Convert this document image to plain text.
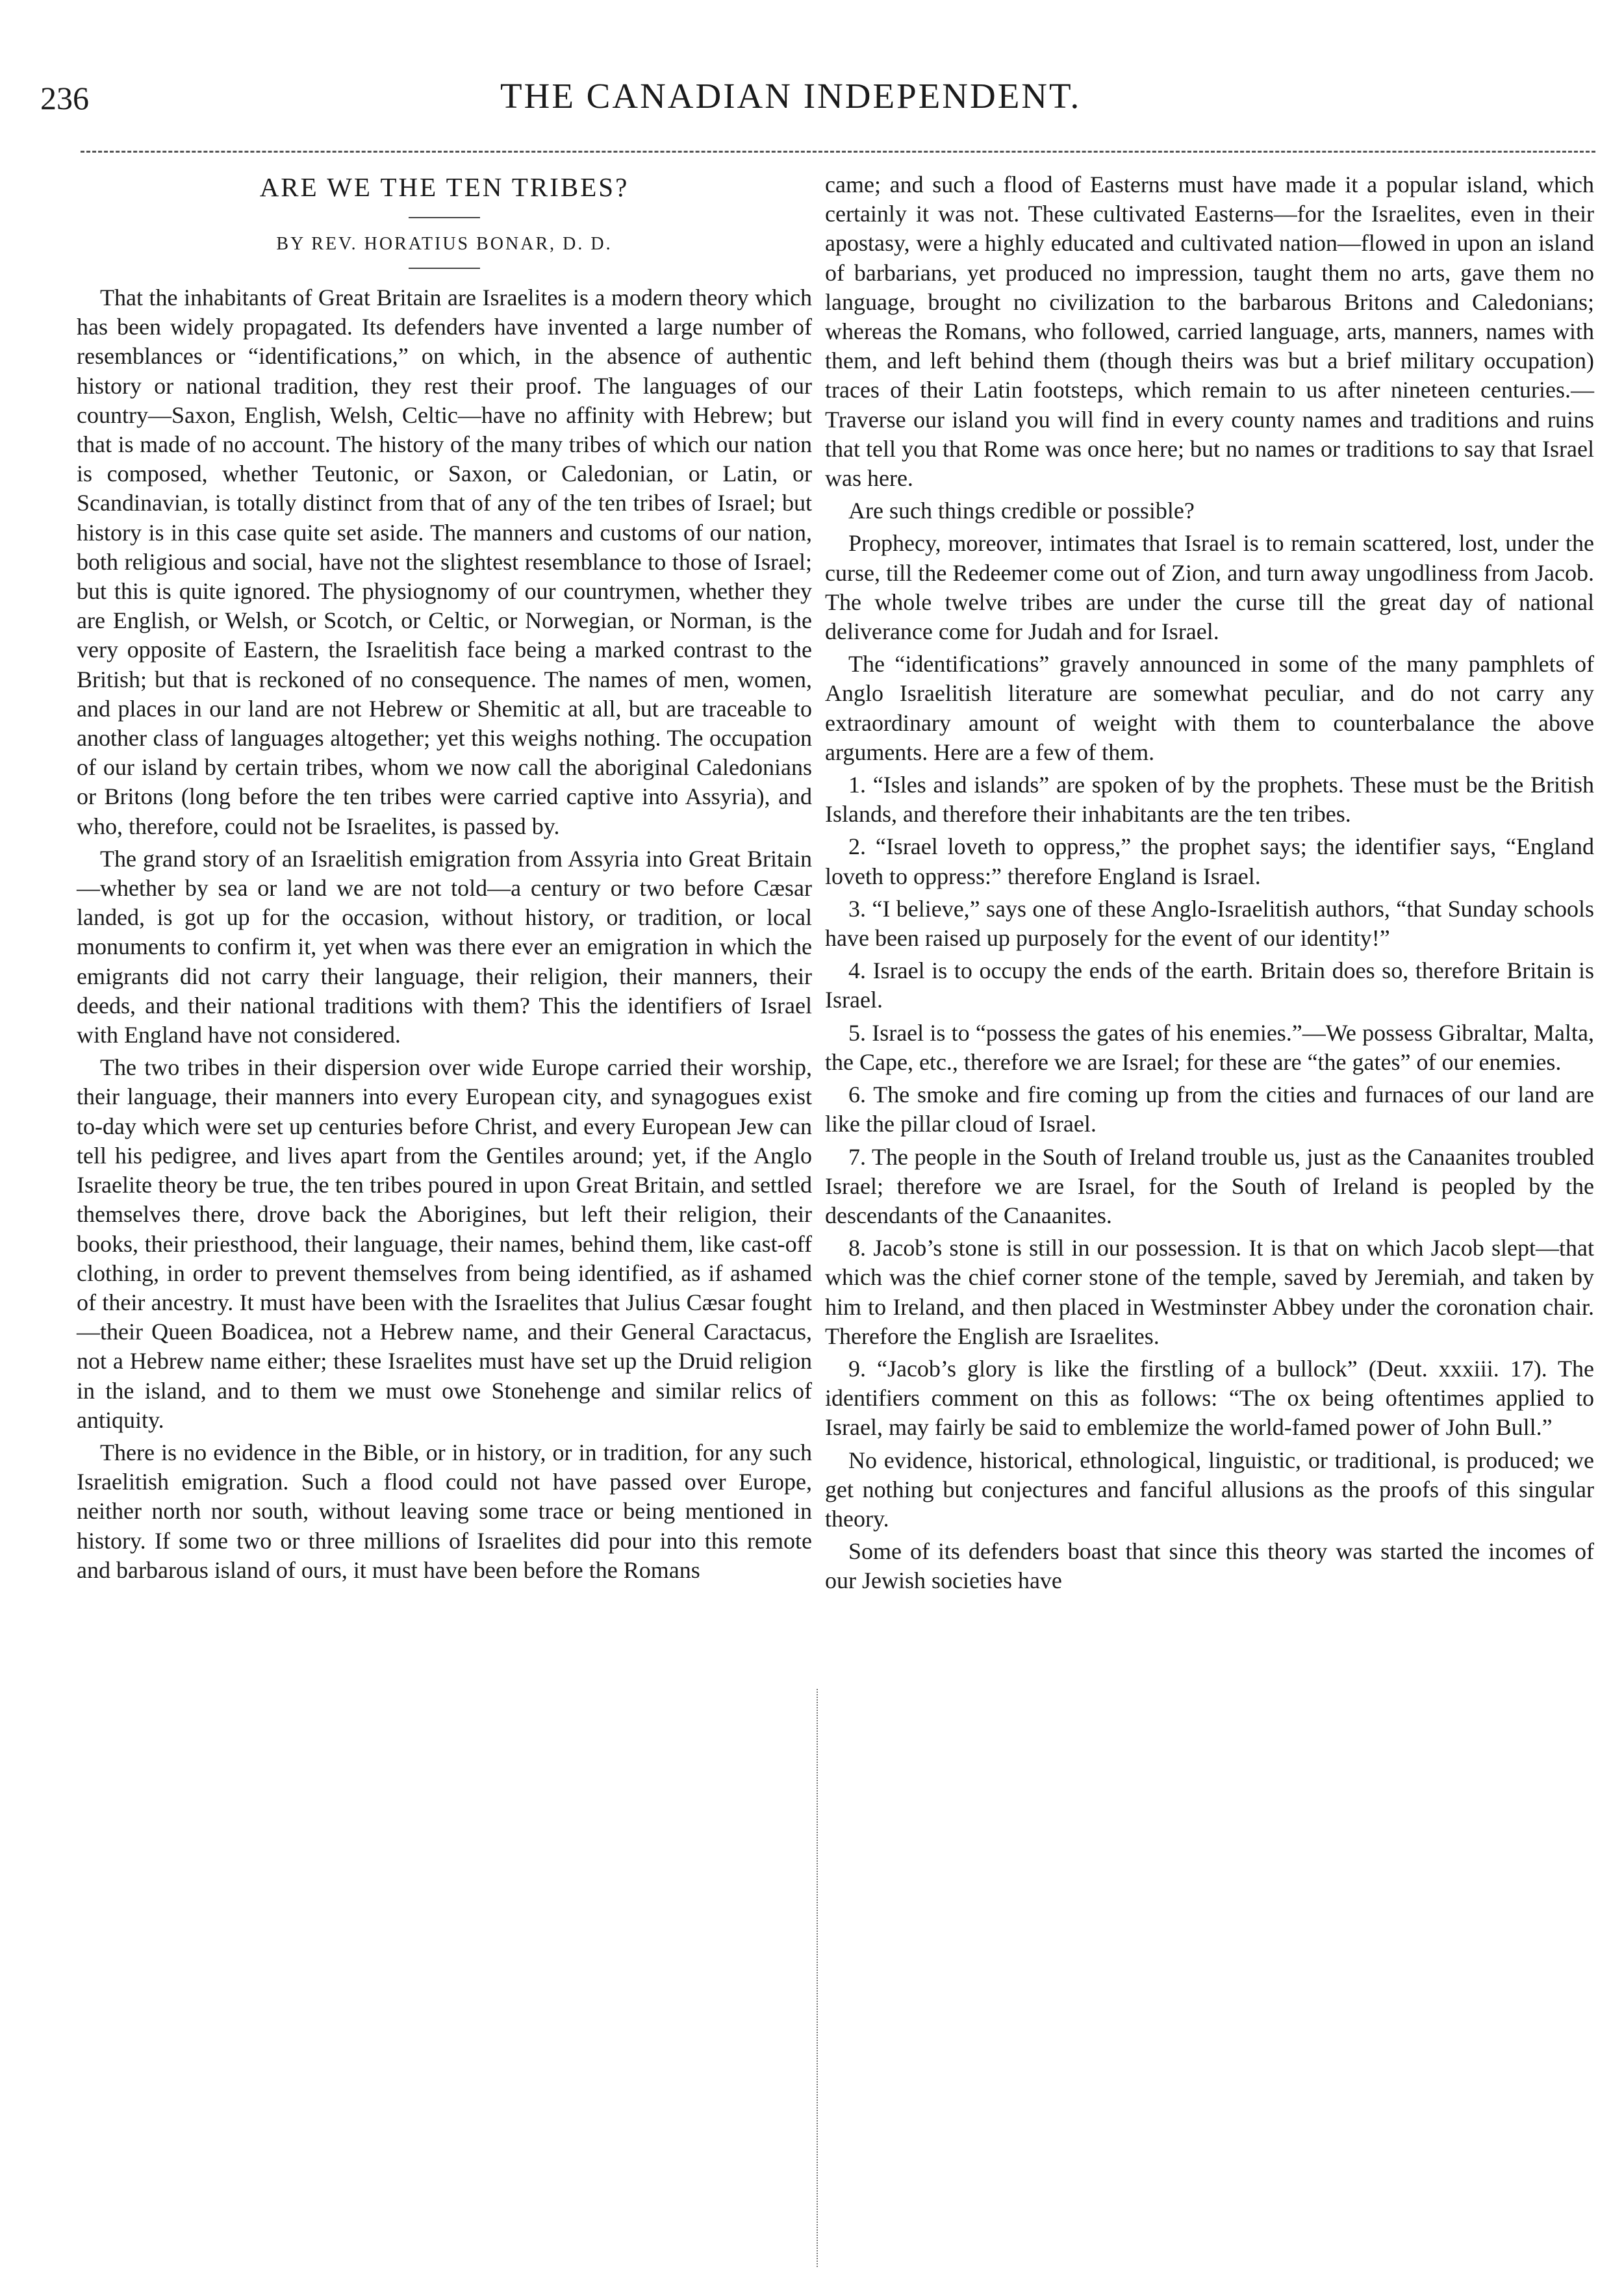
236	THE CANADIAN INDEPENDENT.
ARE WE THE TEN TRIBES?
BY REV. HORATIUS BONAR, D. D.

That the inhabitants of Great Britain are Israelites is a modern theory which has been widely propagated. Its defenders have invented a large number of resemblances or “identifications,” on which, in the absence of authentic history or national tradition, they rest their proof. The languages of our country—Saxon, English, Welsh, Celtic—have no affinity with Hebrew; but that is made of no account. The history of the many tribes of which our nation is composed, whether Teutonic, or Saxon, or Caledonian, or Latin, or Scandinavian, is totally distinct from that of any of the ten tribes of Israel; but history is in this case quite set aside. The manners and customs of our nation, both religious and social, have not the slightest resemblance to those of Israel; but this is quite ignored. The physiognomy of our countrymen, whether they are English, or Welsh, or Scotch, or Celtic, or Norwegian, or Norman, is the very opposite of Eastern, the Israelitish face being a marked contrast to the British; but that is reckoned of no consequence. The names of men, women, and places in our land are not Hebrew or Shemitic at all, but are traceable to another class of languages altogether; yet this weighs nothing. The occupation of our island by certain tribes, whom we now call the aboriginal Caledonians or Britons (long before the ten tribes were carried captive into Assyria), and who, therefore, could not be Israelites, is passed by.

The grand story of an Israelitish emigration from Assyria into Great Britain—whether by sea or land we are not told—a century or two before Cæsar landed, is got up for the occasion, without history, or tradition, or local monuments to confirm it, yet when was there ever an emigration in which the emigrants did not carry their language, their religion, their manners, their deeds, and their national traditions with them? This the identifiers of Israel with England have not considered.

The two tribes in their dispersion over wide Europe carried their worship, their language, their manners into every European city, and synagogues exist to-day which were set up centuries before Christ, and every European Jew can tell his pedigree, and lives apart from the Gentiles around; yet, if the Anglo Israelite theory be true, the ten tribes poured in upon Great Britain, and settled themselves there, drove back the Aborigines, but left their religion, their books, their priesthood, their language, their names, behind them, like cast-off clothing, in order to prevent themselves from being identified, as if ashamed of their ancestry. It must have been with the Israelites that Julius Cæsar fought—their Queen Boadicea, not a Hebrew name, and their General Caractacus, not a Hebrew name either; these Israelites must have set up the Druid religion in the island, and to them we must owe Stonehenge and similar relics of antiquity.

There is no evidence in the Bible, or in history, or in tradition, for any such Israelitish emigration. Such a flood could not have passed over Europe, neither north nor south, without leaving some trace or being mentioned in history. If some two or three millions of Israelites did pour into this remote and barbarous island of ours, it must have been before the Romans

came; and such a flood of Easterns must have made it a popular island, which certainly it was not. These cultivated Easterns—for the Israelites, even in their apostasy, were a highly educated and cultivated nation—flowed in upon an island of barbarians, yet produced no impression, taught them no arts, gave them no language, brought no civilization to the barbarous Britons and Caledonians; whereas the Romans, who followed, carried language, arts, manners, names with them, and left behind them (though theirs was but a brief military occupation) traces of their Latin footsteps, which remain to us after nineteen centuries.—Traverse our island you will find in every county names and traditions and ruins that tell you that Rome was once here; but no names or traditions to say that Israel was here.

Are such things credible or possible?

Prophecy, moreover, intimates that Israel is to remain scattered, lost, under the curse, till the Redeemer come out of Zion, and turn away ungodliness from Jacob. The whole twelve tribes are under the curse till the great day of national deliverance come for Judah and for Israel.

The “identifications” gravely announced in some of the many pamphlets of Anglo Israelitish literature are somewhat peculiar, and do not carry any extraordinary amount of weight with them to counterbalance the above arguments. Here are a few of them.

1. “Isles and islands” are spoken of by the prophets. These must be the British Islands, and therefore their inhabitants are the ten tribes.

2. “Israel loveth to oppress,” the prophet says; the identifier says, “England loveth to oppress:” therefore England is Israel.

3. “I believe,” says one of these Anglo-Israelitish authors, “that Sunday schools have been raised up purposely for the event of our identity!”

4. Israel is to occupy the ends of the earth. Britain does so, therefore Britain is Israel.

5. Israel is to “possess the gates of his enemies.”—We possess Gibraltar, Malta, the Cape, etc., therefore we are Israel; for these are “the gates” of our enemies.

6. The smoke and fire coming up from the cities and furnaces of our land are like the pillar cloud of Israel.

7. The people in the South of Ireland trouble us, just as the Canaanites troubled Israel; therefore we are Israel, for the South of Ireland is peopled by the descendants of the Canaanites.

8. Jacob’s stone is still in our possession. It is that on which Jacob slept—that which was the chief corner stone of the temple, saved by Jeremiah, and taken by him to Ireland, and then placed in Westminster Abbey under the coronation chair. Therefore the English are Israelites.

9. “Jacob’s glory is like the firstling of a bullock” (Deut. xxxiii. 17). The identifiers comment on this as follows: “The ox being oftentimes applied to Israel, may fairly be said to emblemize the world-famed power of John Bull.”

No evidence, historical, ethnological, linguistic, or traditional, is produced; we get nothing but conjectures and fanciful allusions as the proofs of this singular theory.

Some of its defenders boast that since this theory was started the incomes of our Jewish societies have
